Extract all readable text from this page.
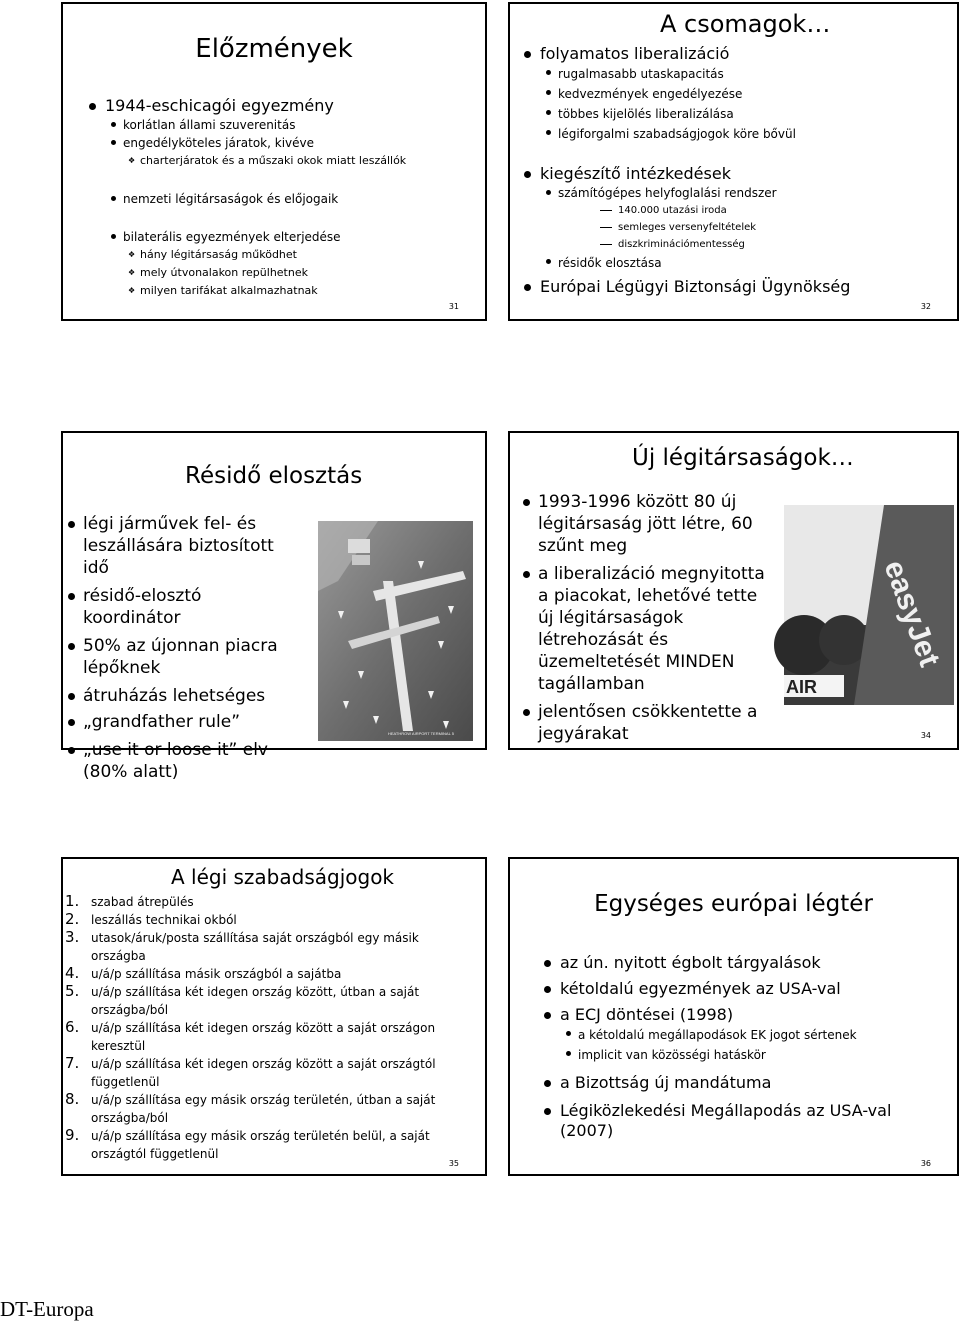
Előzmények
1944-eschicagói egyezmény
korlátlan állami szuverenitás
engedélyköteles járatok, kivéve
❖ charterjáratok és a műszaki okok miatt leszállók
nemzeti légitársaságok és előjogaik
bilaterális egyezmények elterjedése
❖ hány légitársaság működhet
❖ mely útvonalakon repülhetnek
❖ milyen tarifákat alkalmazhatnak
31
A csomagok…
folyamatos liberalizáció
rugalmasabb utaskapacitás
kedvezmények engedélyezése
többes kijelölés liberalizálása
légiforgalmi szabadságjogok köre bővül
kiegészítő intézkedések
számítógépes helyfoglalási rendszer
140.000 utazási iroda
semleges versenyfeltételek
diszkriminációmentesség
résidők elosztása
Európai Légügyi Biztonsági Ügynökség
32
Résidő elosztás
légi járművek fel- és leszállására biztosított idő
résidő-elosztó koordinátor
50% az újonnan piacra lépőknek
átruházás lehetséges
„grandfather rule”
„use it or loose it” elv (80% alatt)
HEATHROW AIRPORT TERMINAL 5
Új légitársaságok…
1993-1996 között 80 új légitársaság jött létre, 60 szűnt meg
a liberalizáció megnyitotta a piacokat, lehetővé tette új légitársaságok létrehozását és üzemeltetését MINDEN tagállamban
jelentősen csökkentette a jegyárakat
easyJet
AIR
34
A légi szabadságjogok
1. szabad átrepülés
2. leszállás technikai okból
3. utasok/áruk/posta szállítása saját országból egy másik országba
4. u/á/p szállítása másik országból a sajátba
5. u/á/p szállítása két idegen ország között, útban a saját országba/ból
6. u/á/p szállítása két idegen ország között a saját országon keresztül
7. u/á/p szállítása két idegen ország között a saját országtól függetlenül
8. u/á/p szállítása egy másik ország területén, útban a saját országba/ból
9. u/á/p szállítása egy másik ország területén belül, a saját országtól függetlenül
35
Egységes európai légtér
az ún. nyitott égbolt tárgyalások
kétoldalú egyezmények az USA-val
a ECJ döntései (1998)
a kétoldalú megállapodások EK jogot sértenek
implicit van közösségi hatáskör
a Bizottság új mandátuma
Légiközlekedési Megállapodás az USA-val (2007)
36
DT-Europa
